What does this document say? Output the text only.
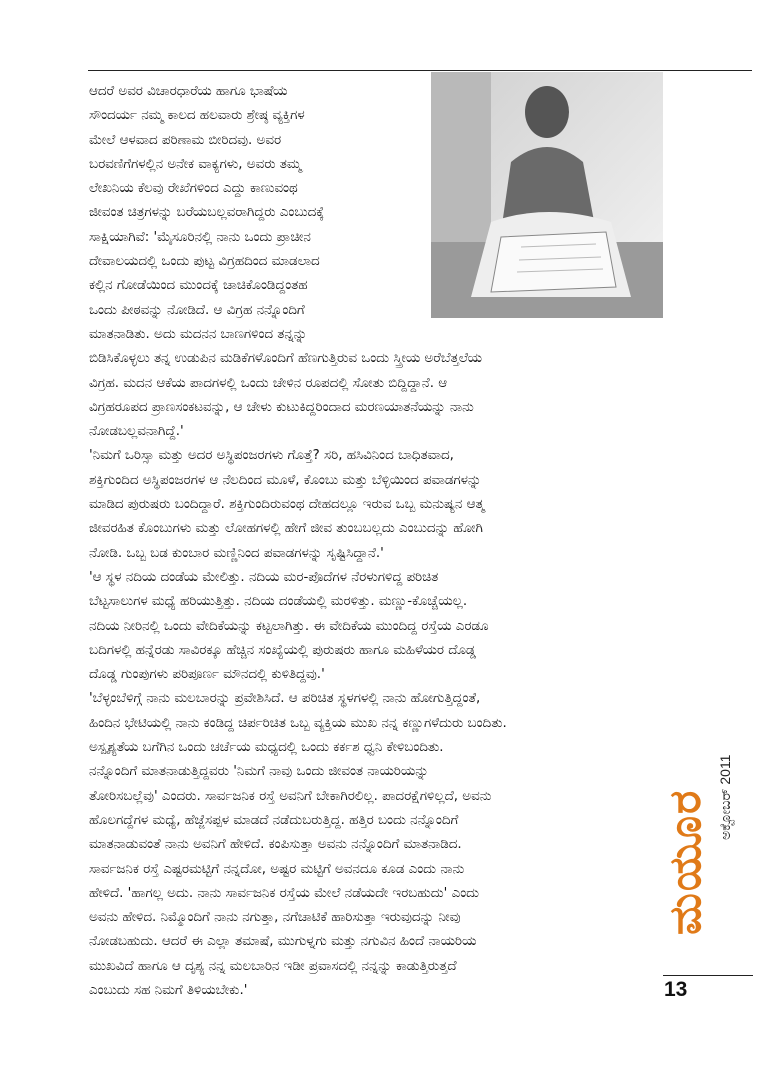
ಆದರೆ ಅವರ ವಿಚಾರಧಾರೆಯ ಹಾಗೂ ಭಾಷೆಯ
ಸೌಂದರ್ಯ ನಮ್ಮ ಕಾಲದ ಹಲವಾರು ಶ್ರೇಷ್ಠ ವ್ಯಕ್ತಿಗಳ
ಮೇಲೆ ಆಳವಾದ ಪರಿಣಾಮ ಬೀರಿದವು. ಅವರ
ಬರವಣಿಗೆಗಳಲ್ಲಿನ ಅನೇಕ ವಾಕ್ಯಗಳು, ಅವರು ತಮ್ಮ
ಲೇಖನಿಯ ಕೆಲವು ರೇಖೆಗಳಿಂದ ಎದ್ದು ಕಾಣುವಂಥ
ಜೀವಂತ ಚಿತ್ರಗಳನ್ನು ಬರೆಯಬಲ್ಲವರಾಗಿದ್ದರು ಎಂಬುದಕ್ಕೆ
ಸಾಕ್ಷಿಯಾಗಿವೆ: 'ಮೈಸೂರಿನಲ್ಲಿ ನಾನು ಒಂದು ಪ್ರಾಚೀನ
ದೇವಾಲಯದಲ್ಲಿ ಒಂದು ಪುಟ್ಟ ವಿಗ್ರಹದಿಂದ ಮಾಡಲಾದ
ಕಲ್ಲಿನ ಗೋಡೆಯಿಂದ ಮುಂದಕ್ಕೆ ಚಾಚಿಕೊಂಡಿದ್ದಂತಹ
ಒಂದು ಪೀಠವನ್ನು ನೋಡಿದೆ. ಆ ವಿಗ್ರಹ ನನ್ನೊಂದಿಗೆ
ಮಾತನಾಡಿತು. ಅದು ಮದನನ ಬಾಣಗಳಿಂದ ತನ್ನನ್ನು
ಬಿಡಿಸಿಕೊಳ್ಳಲು ತನ್ನ ಉಡುಪಿನ ಮಡಿಕೆಗಳೊಂದಿಗೆ ಹೆಣಗುತ್ತಿರುವ ಒಂದು ಸ್ತ್ರೀಯ ಅರೆಬೆತ್ತಲೆಯ
ವಿಗ್ರಹ. ಮದನ ಆಕೆಯ ಪಾದಗಳಲ್ಲಿ ಒಂದು ಚೇಳಿನ ರೂಪದಲ್ಲಿ ಸೋತು ಬಿದ್ದಿದ್ದಾನೆ. ಆ
ವಿಗ್ರಹರೂಪದ ಪ್ರಾಣಸಂಕಟವನ್ನು, ಆ ಚೇಳು ಕುಟುಕಿದ್ದರಿಂದಾದ ಮರಣಯಾತನೆಯನ್ನು ನಾನು
ನೋಡಬಲ್ಲವನಾಗಿದ್ದೆ.'
'ನಿಮಗೆ ಒರಿಸ್ಸಾ ಮತ್ತು ಅದರ ಅಸ್ಥಿಪಂಜರಗಳು ಗೊತ್ತೆ? ಸರಿ, ಹಸಿವಿನಿಂದ ಬಾಧಿತವಾದ,
ಶಕ್ತಿಗುಂದಿದ ಅಸ್ಥಿಪಂಜರಗಳ ಆ ನೆಲದಿಂದ ಮೂಳೆ, ಕೊಂಬು ಮತ್ತು ಬೆಳ್ಳಿಯಿಂದ ಪವಾಡಗಳನ್ನು
ಮಾಡಿದ ಪುರುಷರು ಬಂದಿದ್ದಾರೆ. ಶಕ್ತಿಗುಂದಿರುವಂಥ ದೇಹದಲ್ಲೂ ಇರುವ ಒಬ್ಬ ಮನುಷ್ಯನ ಆತ್ಮ
ಜೀವರಹಿತ ಕೊಂಬುಗಳು ಮತ್ತು ಲೋಹಗಳಲ್ಲಿ ಹೇಗೆ ಜೀವ ತುಂಬಬಲ್ಲದು ಎಂಬುದನ್ನು ಹೋಗಿ
ನೋಡಿ. ಒಬ್ಬ ಬಡ ಕುಂಬಾರ ಮಣ್ಣಿನಿಂದ ಪವಾಡಗಳನ್ನು ಸೃಷ್ಟಿಸಿದ್ದಾನೆ.'
'ಆ ಸ್ಥಳ ನದಿಯ ದಂಡೆಯ ಮೇಲಿತ್ತು. ನದಿಯ ಮರ-ಪೊದೆಗಳ ನೆರಳುಗಳಿದ್ದ ಪರಿಚಿತ
ಬೆಟ್ಟಸಾಲುಗಳ ಮಧ್ಯೆ ಹರಿಯುತ್ತಿತ್ತು. ನದಿಯ ದಂಡೆಯಲ್ಲಿ ಮರಳಿತ್ತು. ಮಣ್ಣು-ಕೊಚ್ಚೆಯಲ್ಲ.
ನದಿಯ ನೀರಿನಲ್ಲಿ ಒಂದು ವೇದಿಕೆಯನ್ನು ಕಟ್ಟಲಾಗಿತ್ತು. ಈ ವೇದಿಕೆಯ ಮುಂದಿದ್ದ ರಸ್ತೆಯ ಎರಡೂ
ಬದಿಗಳಲ್ಲಿ ಹನ್ನೆರಡು ಸಾವಿರಕ್ಕೂ ಹೆಚ್ಚಿನ ಸಂಖ್ಯೆಯಲ್ಲಿ ಪುರುಷರು ಹಾಗೂ ಮಹಿಳೆಯರ ದೊಡ್ಡ
ದೊಡ್ಡ ಗುಂಪುಗಳು ಪರಿಪೂರ್ಣ ಮೌನದಲ್ಲಿ ಕುಳಿತಿದ್ದವು.'
'ಬೆಳ್ಳಂಬೆಳಿಗ್ಗೆ ನಾನು ಮಲಬಾರನ್ನು ಪ್ರವೇಶಿಸಿದೆ. ಆ ಪರಿಚಿತ ಸ್ಥಳಗಳಲ್ಲಿ ನಾನು ಹೋಗುತ್ತಿದ್ದಂತೆ,
ಹಿಂದಿನ ಭೇಟಿಯಲ್ಲಿ ನಾನು ಕಂಡಿದ್ದ ಚಿರ್ಪರಿಚಿತ ಒಬ್ಬ ವ್ಯಕ್ತಿಯ ಮುಖ ನನ್ನ ಕಣ್ಣುಗಳೆದುರು ಬಂದಿತು.
ಅಸ್ಪೃಶ್ಯತೆಯ ಬಗೆಗಿನ ಒಂದು ಚರ್ಚೆಯ ಮಧ್ಯದಲ್ಲಿ ಒಂದು ಕರ್ಕಶ ಧ್ವನಿ ಕೇಳಿಬಂದಿತು.
ನನ್ನೊಂದಿಗೆ ಮಾತನಾಡುತ್ತಿದ್ದವರು 'ನಿಮಗೆ ನಾವು ಒಂದು ಜೀವಂತ ನಾಯರಿಯನ್ನು
ತೋರಿಸಬಲ್ಲೆವು' ಎಂದರು. ಸಾರ್ವಜನಿಕ ರಸ್ತೆ ಅವನಿಗೆ ಬೇಕಾಗಿರಲಿಲ್ಲ. ಪಾದರಕ್ಷೆಗಳಿಲ್ಲದೆ, ಅವನು
ಹೊಲಗದ್ದೆಗಳ ಮಧ್ಯೆ, ಹೆಜ್ಜೆಸಪ್ಪಳ ಮಾಡದೆ ನಡೆದುಬರುತ್ತಿದ್ದ. ಹತ್ತಿರ ಬಂದು ನನ್ನೊಂದಿಗೆ
ಮಾತನಾಡುವಂತೆ ನಾನು ಅವನಿಗೆ ಹೇಳಿದೆ. ಕಂಪಿಸುತ್ತಾ ಅವನು ನನ್ನೊಂದಿಗೆ ಮಾತನಾಡಿದ.
ಸಾರ್ವಜನಿಕ ರಸ್ತೆ ಎಷ್ಟರಮಟ್ಟಿಗೆ ನನ್ನದೋ, ಅಷ್ಟರ ಮಟ್ಟಿಗೆ ಅವನದೂ ಕೂಡ ಎಂದು ನಾನು
ಹೇಳಿದೆ. 'ಹಾಗಲ್ಲ ಅದು. ನಾನು ಸಾರ್ವಜನಿಕ ರಸ್ತೆಯ ಮೇಲೆ ನಡೆಯದೇ ಇರಬಹುದು' ಎಂದು
ಅವನು ಹೇಳಿದ. ನಿಮ್ಮೊಂದಿಗೆ ನಾನು ನಗುತ್ತಾ, ನಗೆಚಾಟಿಕೆ ಹಾರಿಸುತ್ತಾ ಇರುವುದನ್ನು ನೀವು
ನೋಡಬಹುದು. ಆದರೆ ಈ ಎಲ್ಲಾ ತಮಾಷೆ, ಮುಗುಳ್ನಗು ಮತ್ತು ನಗುವಿನ ಹಿಂದೆ ನಾಯರಿಯ
ಮುಖವಿದೆ ಹಾಗೂ ಆ ದೃಶ್ಯ ನನ್ನ ಮಲಬಾರಿನ ಇಡೀ ಪ್ರವಾಸದಲ್ಲಿ ನನ್ನನ್ನು ಕಾಡುತ್ತಿರುತ್ತದೆ
ಎಂಬುದು ಸಹ ನಿಮಗೆ ತಿಳಿಯಬೇಕು.'
ಮಯೂರ ಅಕ್ಟೋಬರ್ 2011
13
